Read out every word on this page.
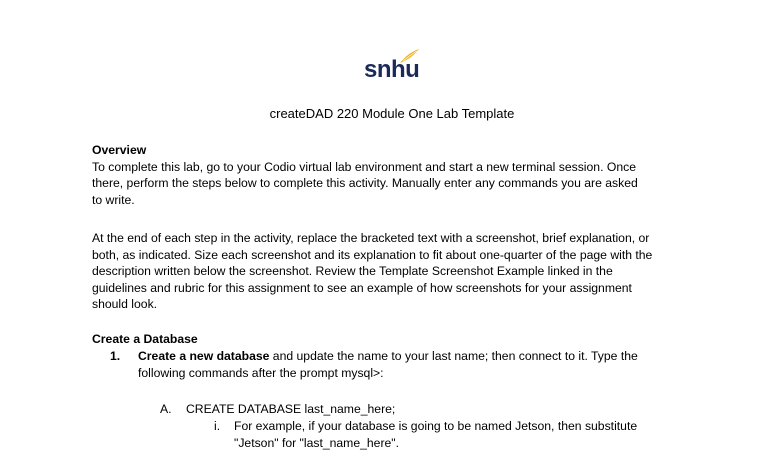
snhu
createDAD 220 Module One Lab Template
Overview
To complete this lab, go to your Codio virtual lab environment and start a new terminal session. Once
there, perform the steps below to complete this activity. Manually enter any commands you are asked
to write.
At the end of each step in the activity, replace the bracketed text with a screenshot, brief explanation, or
both, as indicated. Size each screenshot and its explanation to fit about one-quarter of the page with the
description written below the screenshot. Review the Template Screenshot Example linked in the
guidelines and rubric for this assignment to see an example of how screenshots for your assignment
should look.
Create a Database
1. Create a new database and update the name to your last name; then connect to it. Type the
following commands after the prompt mysql>:
A. CREATE DATABASE last_name_here;
i. For example, if your database is going to be named Jetson, then substitute
"Jetson" for "last_name_here".
